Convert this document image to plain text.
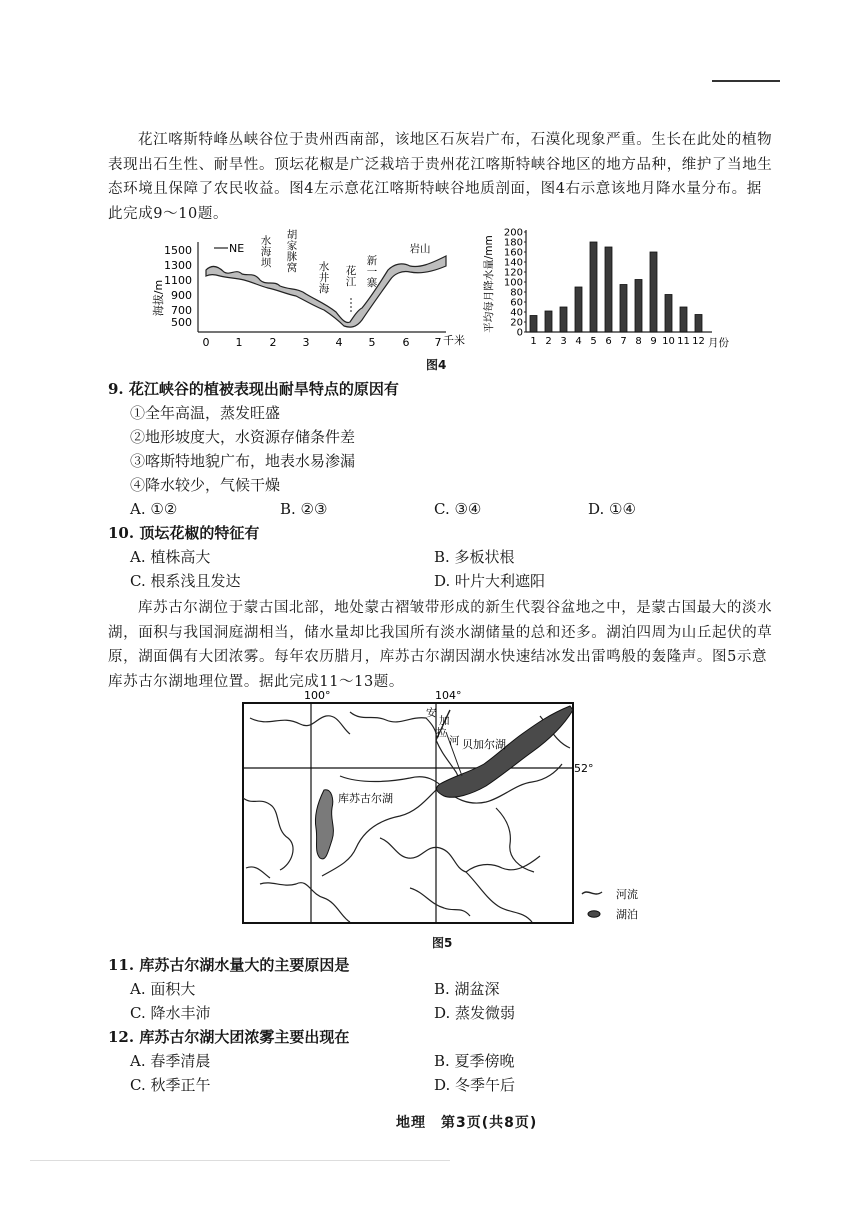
花江喀斯特峰丛峡谷位于贵州西南部，该地区石灰岩广布，石漠化现象严重。生长在此处的植物表现出石生性、耐旱性。顶坛花椒是广泛栽培于贵州花江喀斯特峡谷地区的地方品种，维护了当地生态环境且保障了农民收益。图4左示意花江喀斯特峡谷地质剖面，图4右示意该地月降水量分布。据此完成9～10题。
海拔/m
1500
1300
1100
900
700
500
0 1 2 3 4 5 6 7 千米
NE
水海坝
胡家脒窝 水井海
花江
新一寨
岩山	平均每月降水量/mm
0
20
40
60
80
100
120
140
160
180
200
1 2 3 4 5 6 7 8 9 10 11 12 月份
图4
9. 花江峡谷的植被表现出耐旱特点的原因有
①全年高温，蒸发旺盛
②地形坡度大，水资源存储条件差
③喀斯特地貌广布，地表水易渗漏
④降水较少，气候干燥
A. ①②	B. ②③	C. ③④	D. ①④
10. 顶坛花椒的特征有
A. 植株高大	B. 多板状根
C. 根系浅且发达	D. 叶片大利遮阳
库苏古尔湖位于蒙古国北部，地处蒙古褶皱带形成的新生代裂谷盆地之中，是蒙古国最大的淡水湖，面积与我国洞庭湖相当，储水量却比我国所有淡水湖储量的总和还多。湖泊四周为山丘起伏的草原，湖面偶有大团浓雾。每年农历腊月，库苏古尔湖因湖水快速结冰发出雷鸣般的轰隆声。图5示意库苏古尔湖地理位置。据此完成11～13题。
100°	104°
52°
库苏古尔湖
贝加尔湖
安
加
拉
河
河流
湖泊
图5
11. 库苏古尔湖水量大的主要原因是
A. 面积大	B. 湖盆深
C. 降水丰沛	D. 蒸发微弱
12. 库苏古尔湖大团浓雾主要出现在
A. 春季清晨	B. 夏季傍晚
C. 秋季正午	D. 冬季午后
地理　第3页(共8页)
